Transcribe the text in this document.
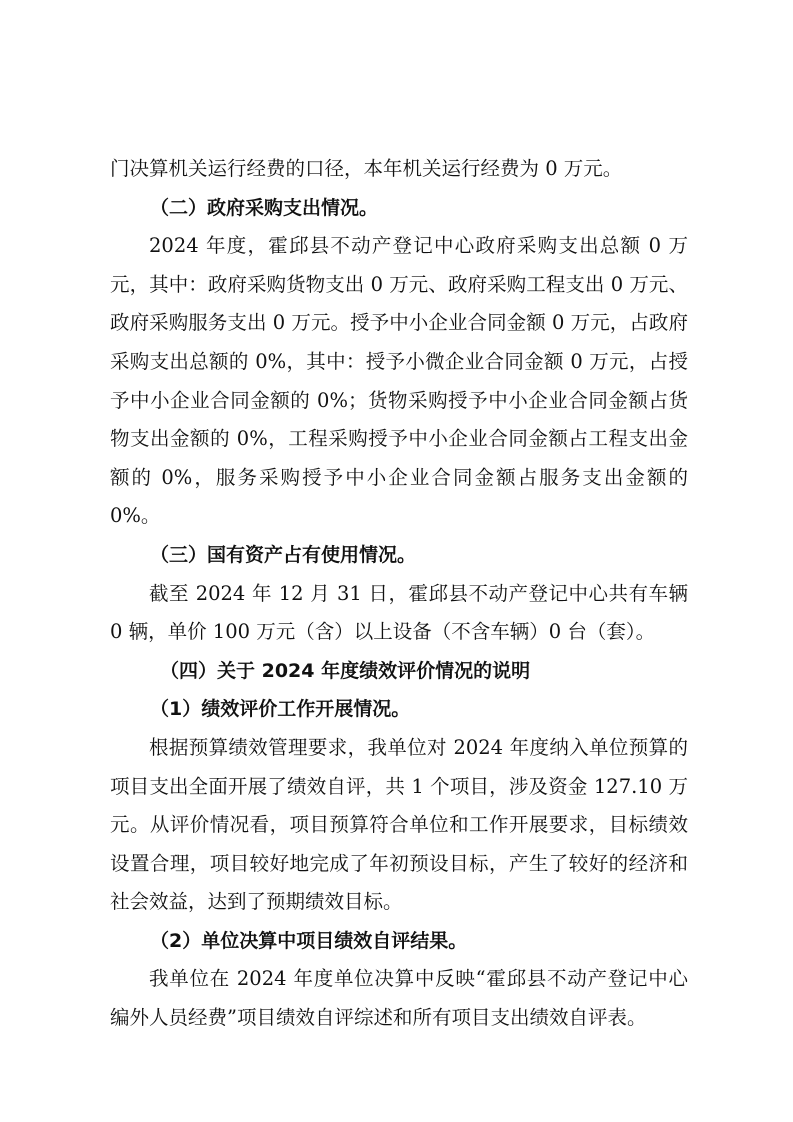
门决算机关运行经费的口径，本年机关运行经费为 0 万元。

（二）政府采购支出情况。

2024 年度，霍邱县不动产登记中心政府采购支出总额 0 万元，其中：政府采购货物支出 0 万元、政府采购工程支出 0 万元、政府采购服务支出 0 万元。授予中小企业合同金额 0 万元，占政府采购支出总额的 0%，其中：授予小微企业合同金额 0 万元，占授予中小企业合同金额的 0%；货物采购授予中小企业合同金额占货物支出金额的 0%，工程采购授予中小企业合同金额占工程支出金额的 0%，服务采购授予中小企业合同金额占服务支出金额的 0%。

（三）国有资产占有使用情况。

截至 2024 年 12 月 31 日，霍邱县不动产登记中心共有车辆 0 辆，单价 100 万元（含）以上设备（不含车辆）0 台（套）。

（四）关于 2024 年度绩效评价情况的说明
（1）绩效评价工作开展情况。

根据预算绩效管理要求，我单位对 2024 年度纳入单位预算的项目支出全面开展了绩效自评，共 1 个项目，涉及资金 127.10 万元。从评价情况看，项目预算符合单位和工作开展要求，目标绩效设置合理，项目较好地完成了年初预设目标，产生了较好的经济和社会效益，达到了预期绩效目标。

（2）单位决算中项目绩效自评结果。

我单位在 2024 年度单位决算中反映“霍邱县不动产登记中心编外人员经费”项目绩效自评综述和所有项目支出绩效自评表。
